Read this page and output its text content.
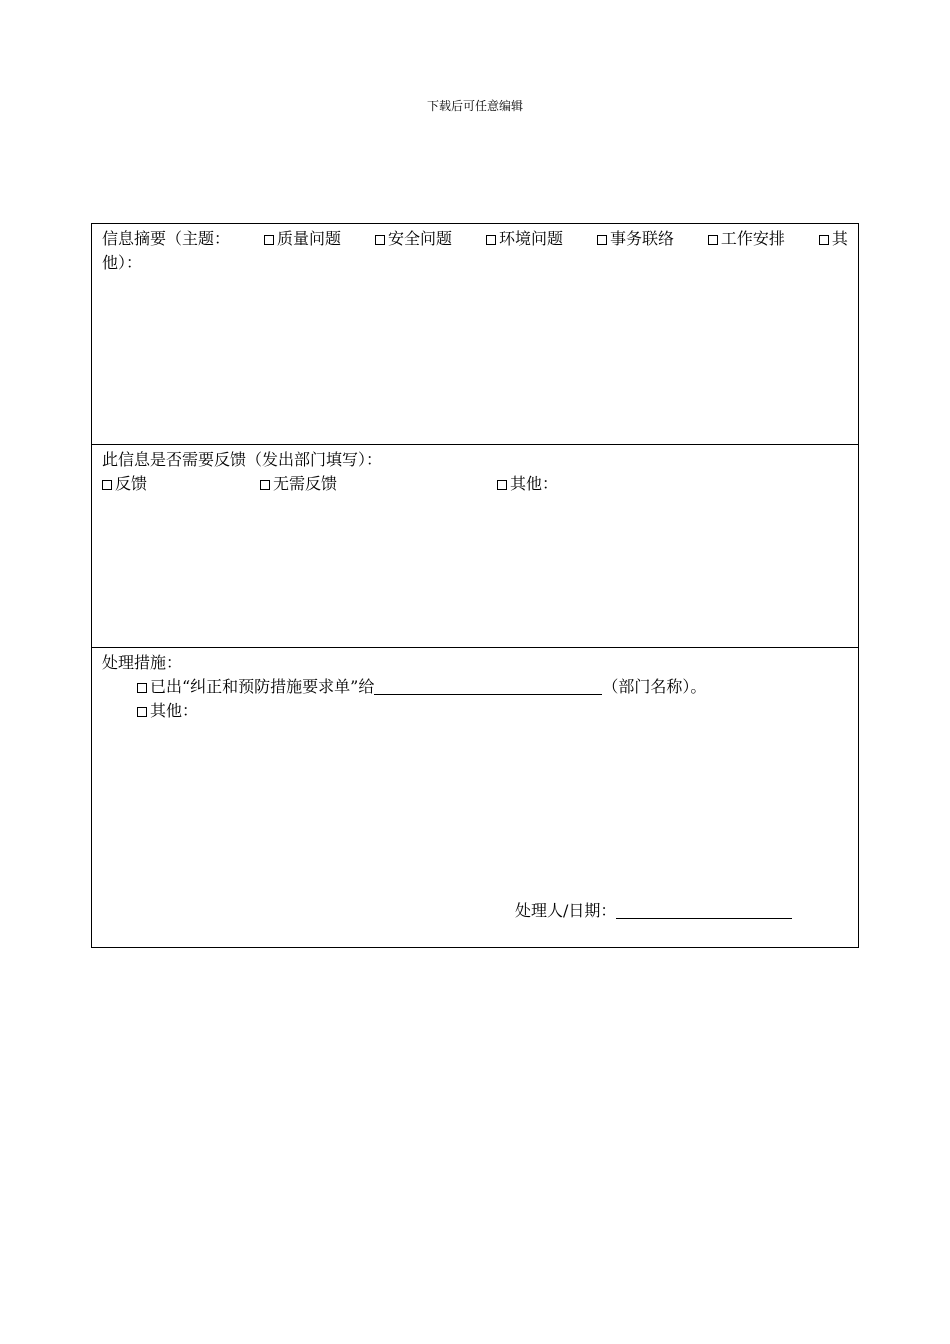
下载后可任意编辑
信息摘要（主题：	质量问题	安全问题	环境问题	事务联络	工作安排	其
他）：
此信息是否需要反馈（发出部门填写）：
反馈	无需反馈	其他：
处理措施：
已出“纠正和预防措施要求单”给	（部门名称）。
其他：
处理人/日期：
